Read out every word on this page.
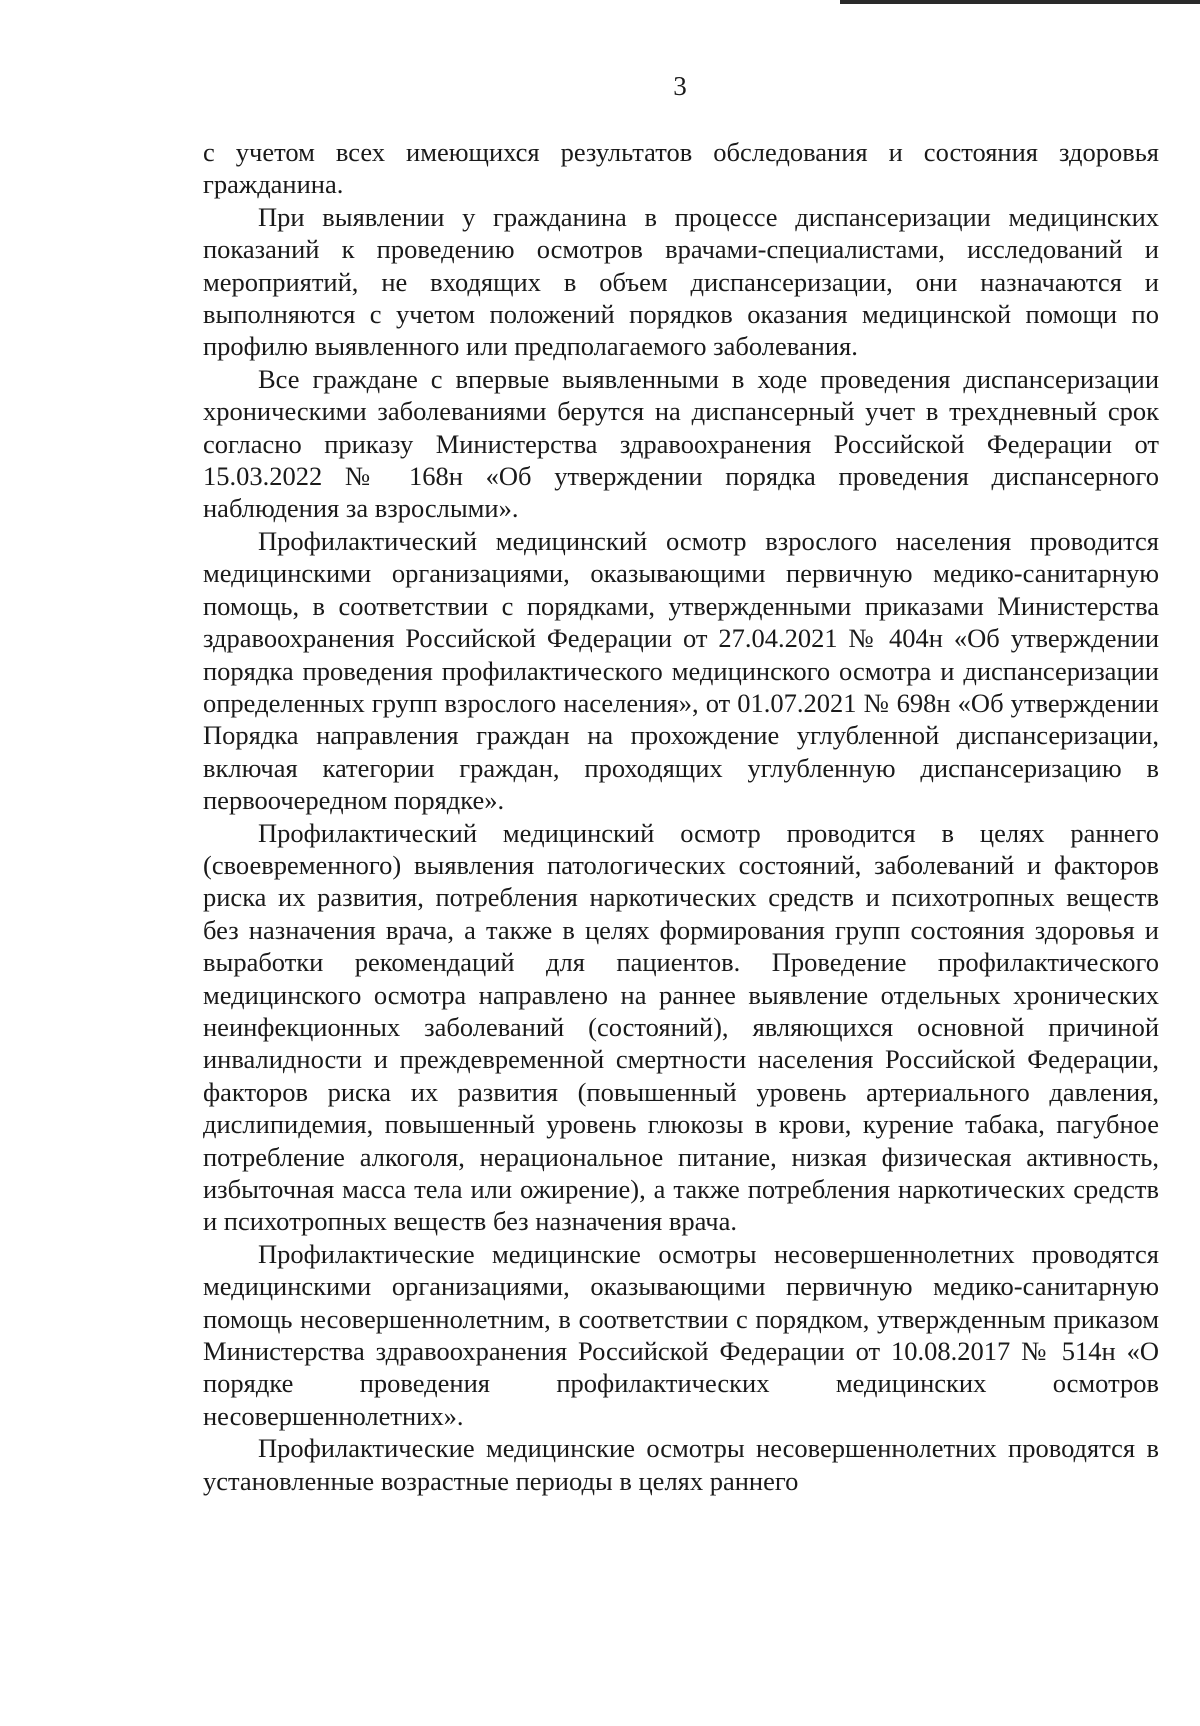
3

с учетом всех имеющихся результатов обследования и состояния здоровья гражданина.

При выявлении у гражданина в процессе диспансеризации медицинских показаний к проведению осмотров врачами-специалистами, исследований и мероприятий, не входящих в объем диспансеризации, они назначаются и выполняются с учетом положений порядков оказания медицинской помощи по профилю выявленного или предполагаемого заболевания.

Все граждане с впервые выявленными в ходе проведения диспансеризации хроническими заболеваниями берутся на диспансерный учет в трехдневный срок согласно приказу Министерства здравоохранения Российской Федерации от 15.03.2022 № 168н «Об утверждении порядка проведения диспансерного наблюдения за взрослыми».

Профилактический медицинский осмотр взрослого населения проводится медицинскими организациями, оказывающими первичную медико-санитарную помощь, в соответствии с порядками, утвержденными приказами Министерства здравоохранения Российской Федерации от 27.04.2021 № 404н «Об утверждении порядка проведения профилактического медицинского осмотра и диспансеризации определенных групп взрослого населения», от 01.07.2021 № 698н «Об утверждении Порядка направления граждан на прохождение углубленной диспансеризации, включая категории граждан, проходящих углубленную диспансеризацию в первоочередном порядке».

Профилактический медицинский осмотр проводится в целях раннего (своевременного) выявления патологических состояний, заболеваний и факторов риска их развития, потребления наркотических средств и психотропных веществ без назначения врача, а также в целях формирования групп состояния здоровья и выработки рекомендаций для пациентов. Проведение профилактического медицинского осмотра направлено на раннее выявление отдельных хронических неинфекционных заболеваний (состояний), являющихся основной причиной инвалидности и преждевременной смертности населения Российской Федерации, факторов риска их развития (повышенный уровень артериального давления, дислипидемия, повышенный уровень глюкозы в крови, курение табака, пагубное потребление алкоголя, нерациональное питание, низкая физическая активность, избыточная масса тела или ожирение), а также потребления наркотических средств и психотропных веществ без назначения врача.

Профилактические медицинские осмотры несовершеннолетних проводятся медицинскими организациями, оказывающими первичную медико-санитарную помощь несовершеннолетним, в соответствии с порядком, утвержденным приказом Министерства здравоохранения Российской Федерации от 10.08.2017 № 514н «О порядке проведения профилактических медицинских осмотров несовершеннолетних».

Профилактические медицинские осмотры несовершеннолетних проводятся в установленные возрастные периоды в целях раннего
